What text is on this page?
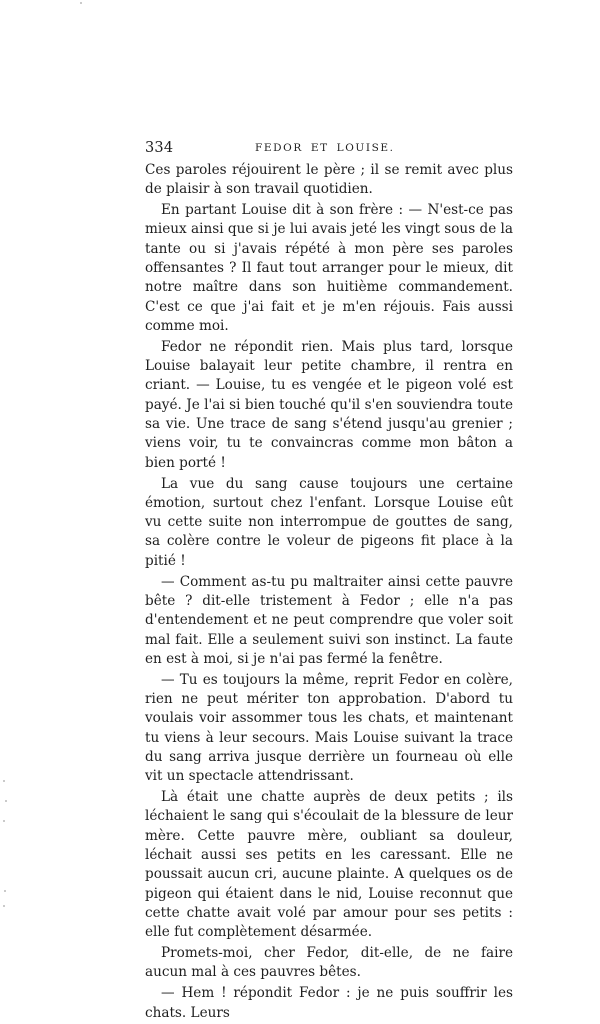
334	FEDOR ET LOUISE.

Ces paroles réjouirent le père ; il se remit avec plus de plaisir à son travail quotidien.

En partant Louise dit à son frère : — N'est-ce pas mieux ainsi que si je lui avais jeté les vingt sous de la tante ou si j'avais répété à mon père ses paroles offensantes ? Il faut tout arranger pour le mieux, dit notre maître dans son huitième commandement. C'est ce que j'ai fait et je m'en réjouis. Fais aussi comme moi.

Fedor ne répondit rien. Mais plus tard, lorsque Louise balayait leur petite chambre, il rentra en criant. — Louise, tu es vengée et le pigeon volé est payé. Je l'ai si bien touché qu'il s'en souviendra toute sa vie. Une trace de sang s'étend jusqu'au grenier ; viens voir, tu te convaincras comme mon bâton a bien porté !

La vue du sang cause toujours une certaine émotion, surtout chez l'enfant. Lorsque Louise eût vu cette suite non interrompue de gouttes de sang, sa colère contre le voleur de pigeons fit place à la pitié !

— Comment as-tu pu maltraiter ainsi cette pauvre bête ? dit-elle tristement à Fedor ; elle n'a pas d'entendement et ne peut comprendre que voler soit mal fait. Elle a seulement suivi son instinct. La faute en est à moi, si je n'ai pas fermé la fenêtre.

— Tu es toujours la même, reprit Fedor en colère, rien ne peut mériter ton approbation. D'abord tu voulais voir assommer tous les chats, et maintenant tu viens à leur secours. Mais Louise suivant la trace du sang arriva jusque derrière un fourneau où elle vit un spectacle attendrissant.

Là était une chatte auprès de deux petits ; ils léchaient le sang qui s'écoulait de la blessure de leur mère. Cette pauvre mère, oubliant sa douleur, léchait aussi ses petits en les caressant. Elle ne poussait aucun cri, aucune plainte. A quelques os de pigeon qui étaient dans le nid, Louise reconnut que cette chatte avait volé par amour pour ses petits : elle fut complètement désarmée.

Promets-moi, cher Fedor, dit-elle, de ne faire aucun mal à ces pauvres bêtes.

— Hem ! répondit Fedor : je ne puis souffrir les chats. Leurs
